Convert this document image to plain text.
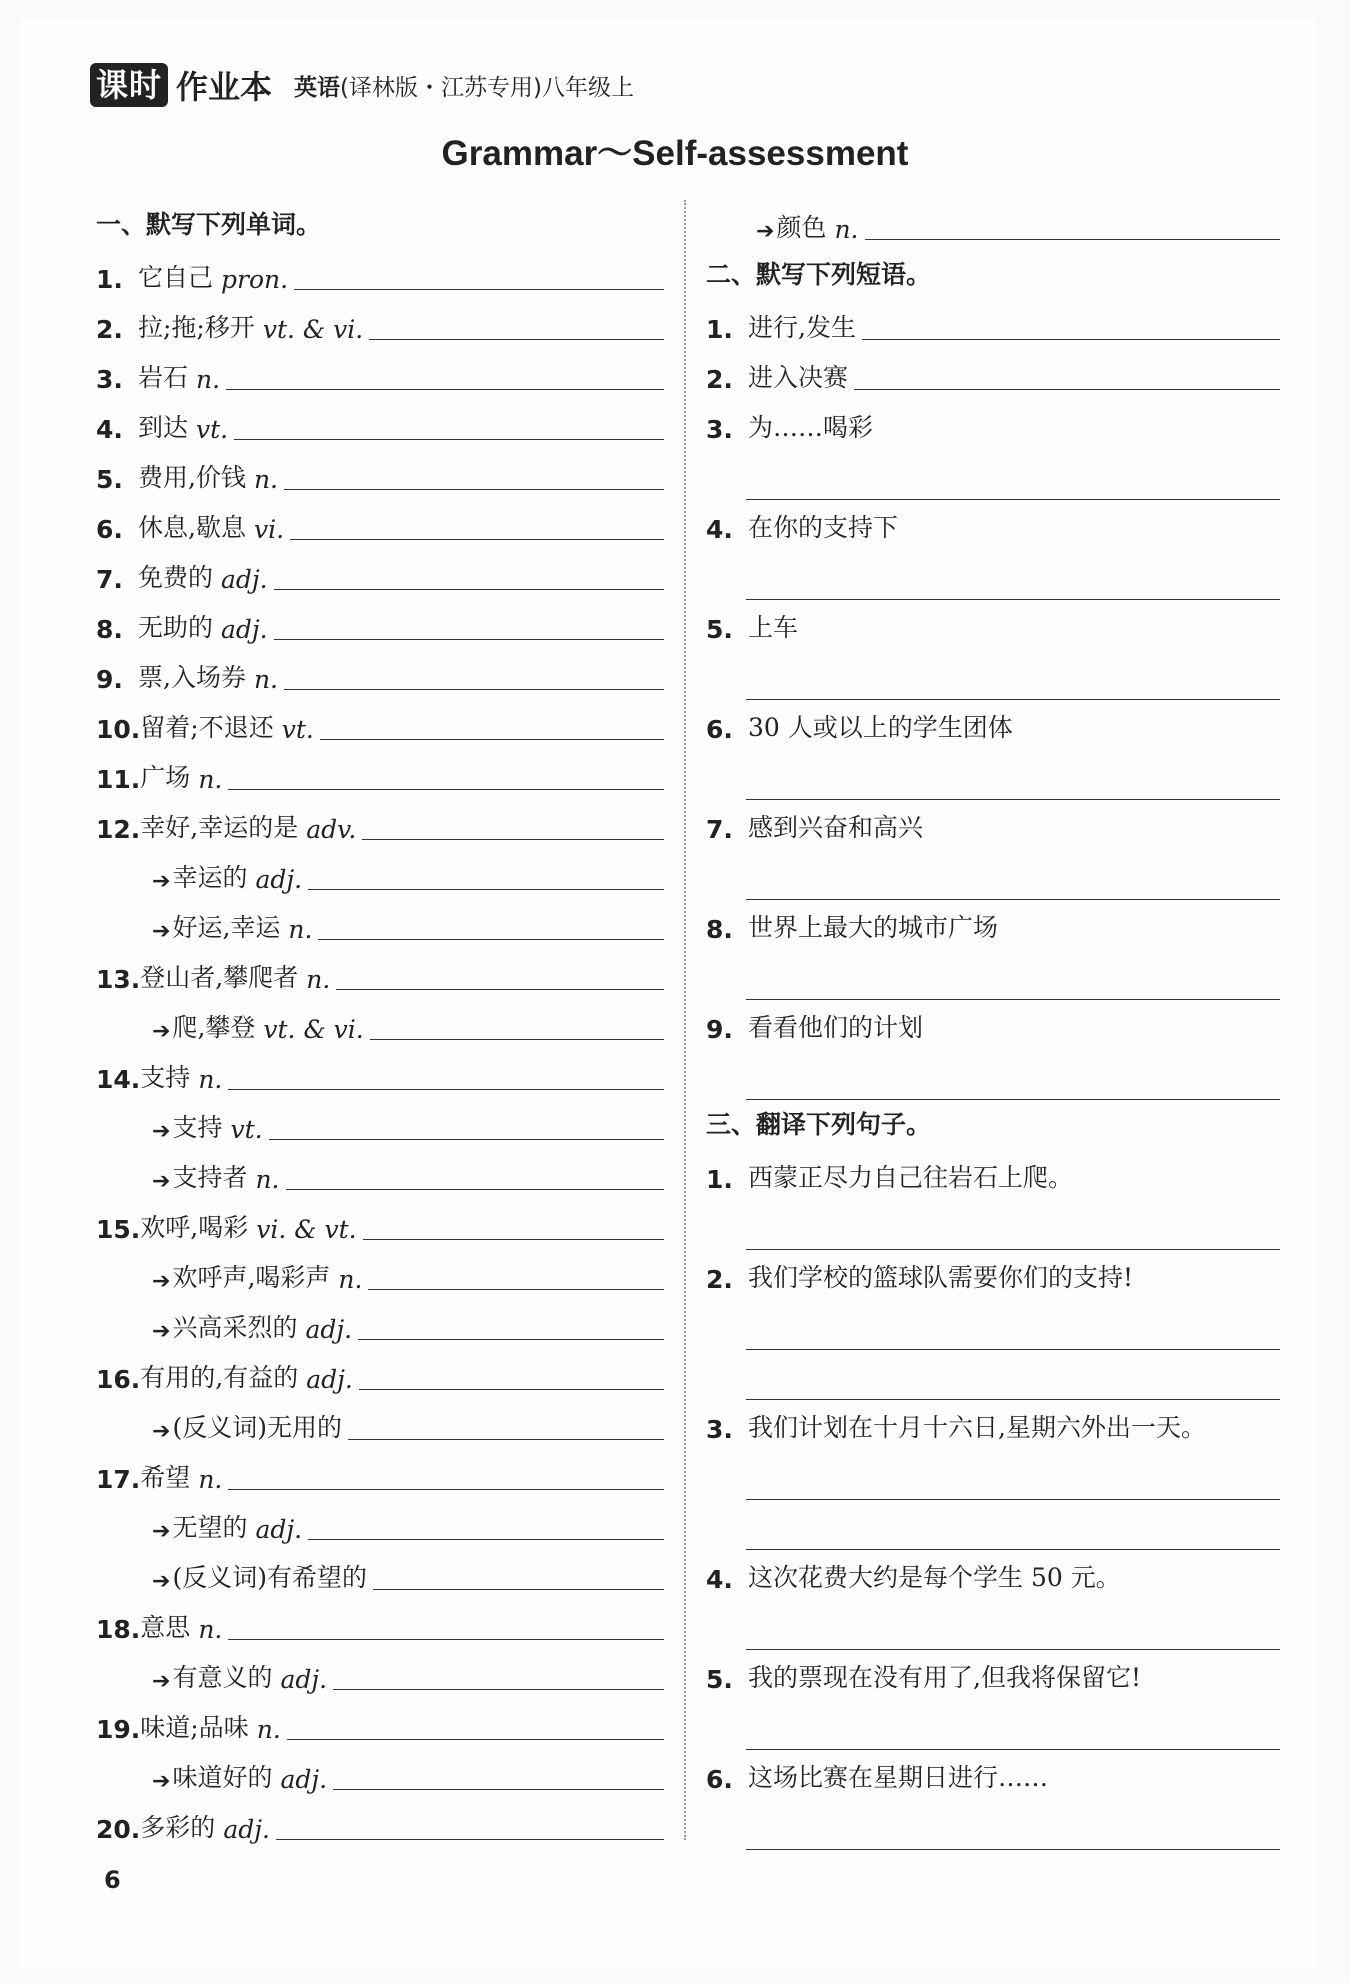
课时 作业本 英语(译林版・江苏专用)八年级上
Grammar～Self-assessment
一、默写下列单词。
1. 它自己 pron.
2. 拉;拖;移开 vt. & vi.
3. 岩石 n.
4. 到达 vt.
5. 费用,价钱 n.
6. 休息,歇息 vi.
7. 免费的 adj.
8. 无助的 adj.
9. 票,入场券 n.
10. 留着;不退还 vt.
11. 广场 n.
12. 幸好,幸运的是 adv.
➔ 幸运的 adj.
➔ 好运,幸运 n.
13. 登山者,攀爬者 n.
➔ 爬,攀登 vt. & vi.
14. 支持 n.
➔ 支持 vt.
➔ 支持者 n.
15. 欢呼,喝彩 vi. & vt.
➔ 欢呼声,喝彩声 n.
➔ 兴高采烈的 adj.
16. 有用的,有益的 adj.
➔ (反义词)无用的
17. 希望 n.
➔ 无望的 adj.
➔ (反义词)有希望的
18. 意思 n.
➔ 有意义的 adj.
19. 味道;品味 n.
➔ 味道好的 adj.
20. 多彩的 adj.
➔ 颜色 n.
二、默写下列短语。
1. 进行,发生
2. 进入决赛
3. 为……喝彩
4. 在你的支持下
5. 上车
6. 30 人或以上的学生团体
7. 感到兴奋和高兴
8. 世界上最大的城市广场
9. 看看他们的计划
三、翻译下列句子。
1. 西蒙正尽力自己往岩石上爬。
2. 我们学校的篮球队需要你们的支持!
3. 我们计划在十月十六日,星期六外出一天。
4. 这次花费大约是每个学生 50 元。
5. 我的票现在没有用了,但我将保留它!
6. 这场比赛在星期日进行……
6
